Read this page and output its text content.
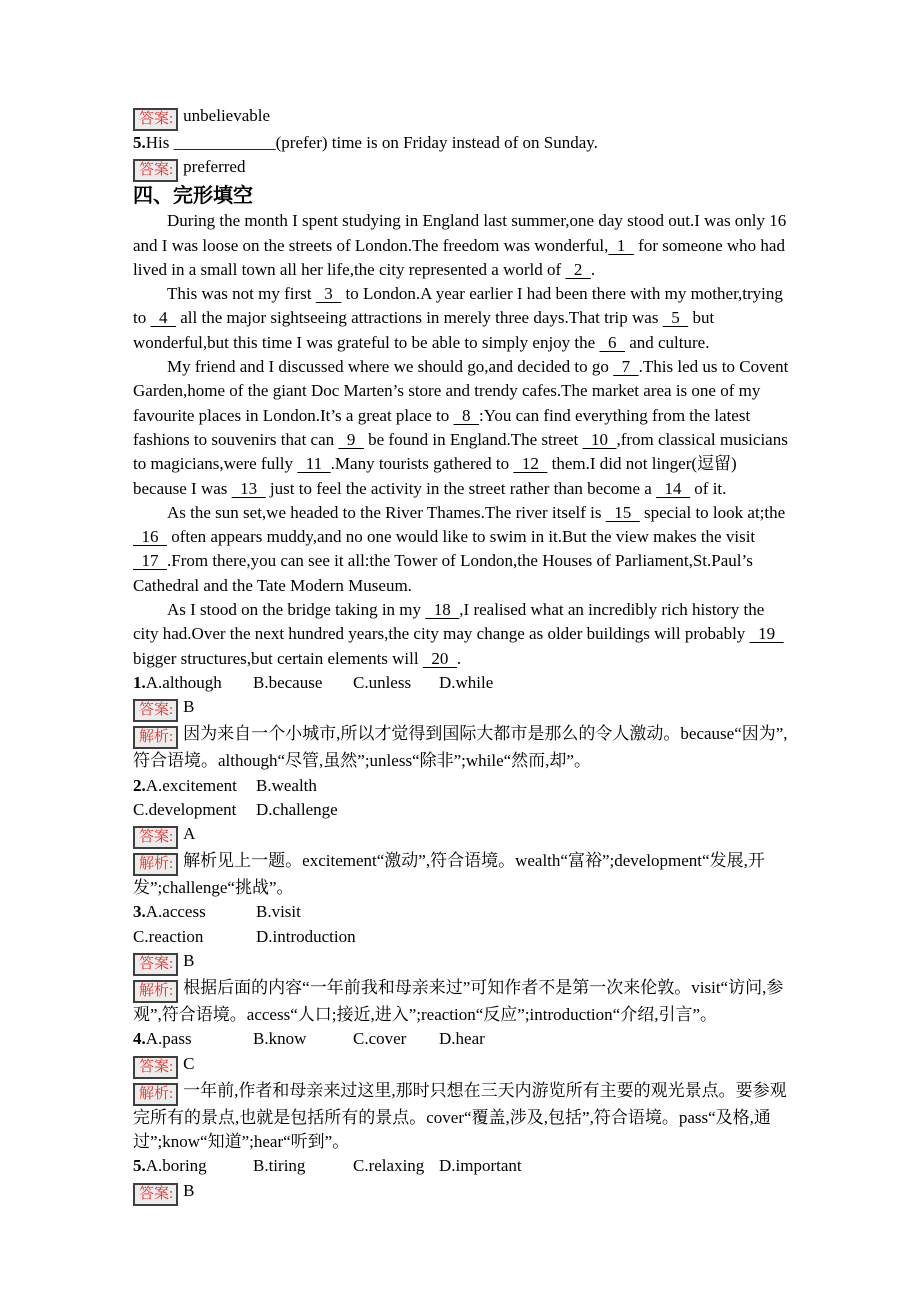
答案: unbelievable
5.His ____________(prefer) time is on Friday instead of on Sunday.
答案: preferred
四、完形填空

During the month I spent studying in England last summer,one day stood out.I was only 16 and I was loose on the streets of London.The freedom was wonderful,  1   for someone who had lived in a small town all her life,the city represented a world of   2  .

This was not my first   3   to London.A year earlier I had been there with my mother,trying to   4   all the major sightseeing attractions in merely three days.That trip was   5   but wonderful,but this time I was grateful to be able to simply enjoy the   6   and culture.

My friend and I discussed where we should go,and decided to go   7  .This led us to Covent Garden,home of the giant Doc Marten’s store and trendy cafes.The market area is one of my favourite places in London.It’s a great place to   8  :You can find everything from the latest fashions to souvenirs that can   9   be found in England.The street   10  ,from classical musicians to magicians,were fully   11  .Many tourists gathered to   12   them.I did not linger(逗留) because I was   13   just to feel the activity in the street rather than become a   14   of it.

As the sun set,we headed to the River Thames.The river itself is   15   special to look at;the   16   often appears muddy,and no one would like to swim in it.But the view makes the visit   17  .From there,you can see it all:the Tower of London,the Houses of Parliament,St.Paul’s Cathedral and the Tate Modern Museum.

As I stood on the bridge taking in my   18  ,I realised what an incredibly rich history the city had.Over the next hundred years,the city may change as older buildings will probably   19   bigger structures,but certain elements will   20  .

1.A.although B.because C.unless D.while
答案: B
解析: 因为来自一个小城市,所以才觉得到国际大都市是那么的令人激动。because“因为”,符合语境。although“尽管,虽然”;unless“除非”;while“然而,却”。
2.A.excitement B.wealth
C.development D.challenge
答案: A
解析: 解析见上一题。excitement“激动”,符合语境。wealth“富裕”;development“发展,开发”;challenge“挑战”。
3.A.access	B.visit
C.reaction	D.introduction
答案: B
解析: 根据后面的内容“一年前我和母亲来过”可知作者不是第一次来伦敦。visit“访问,参观”,符合语境。access“人口;接近,进入”;reaction“反应”;introduction“介绍,引言”。
4.A.pass	B.know	C.cover D.hear
答案: C
解析: 一年前,作者和母亲来过这里,那时只想在三天内游览所有主要的观光景点。要参观完所有的景点,也就是包括所有的景点。cover“覆盖,涉及,包括”,符合语境。pass“及格,通过”;know“知道”;hear“听到”。
5.A.boring	B.tiring	C.relaxing D.important
答案: B
